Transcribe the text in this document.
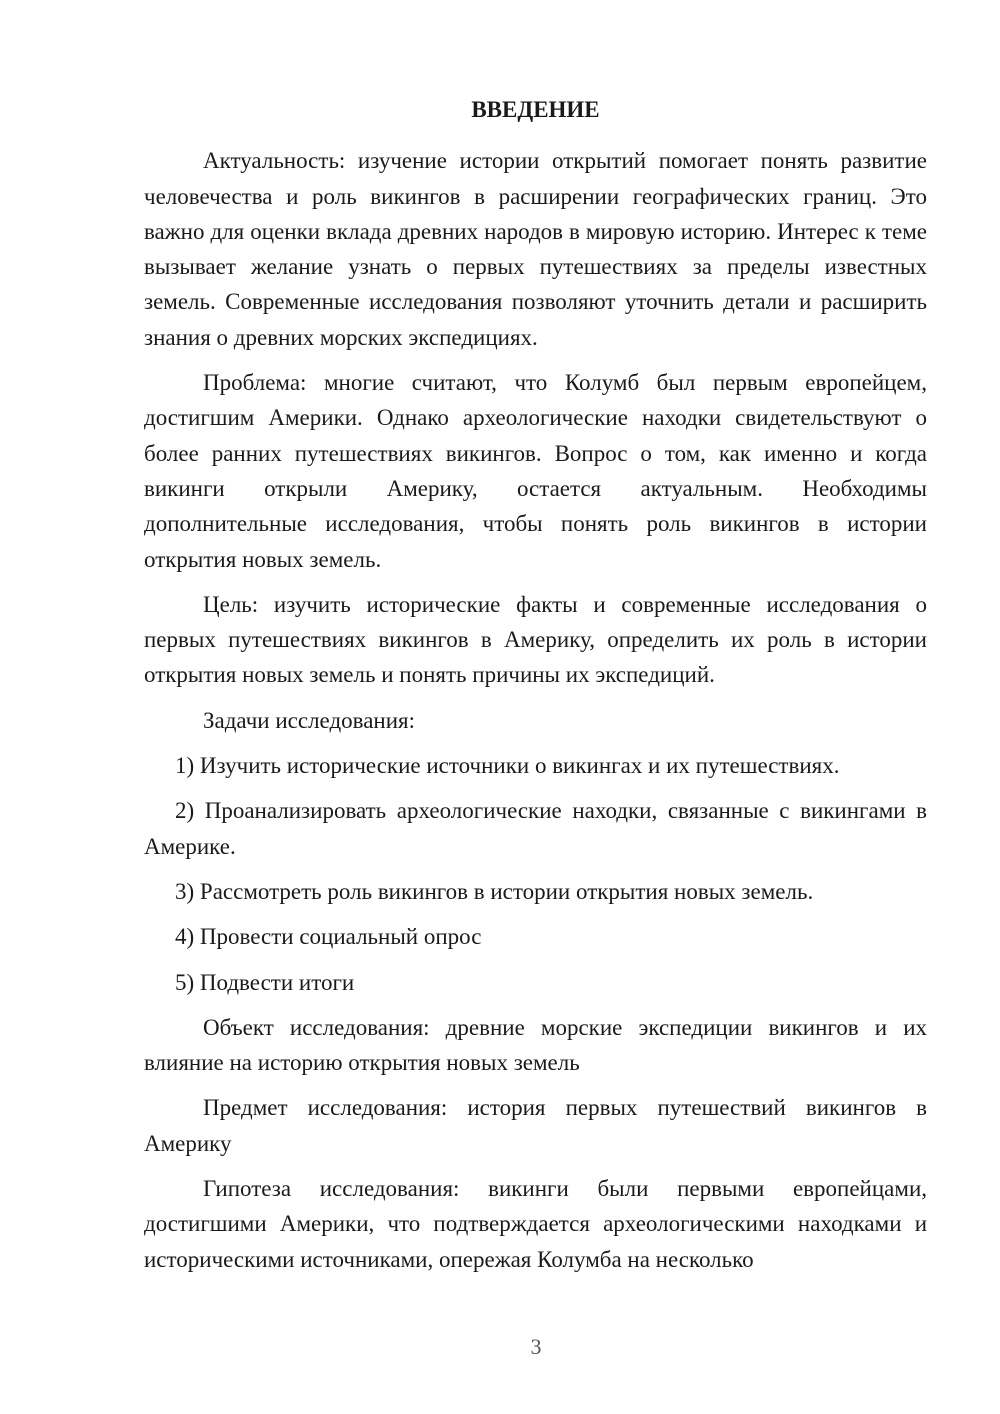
ВВЕДЕНИЕ

Актуальность: изучение истории открытий помогает понять развитие человечества и роль викингов в расширении географических границ. Это важно для оценки вклада древних народов в мировую историю. Интерес к теме вызывает желание узнать о первых путешествиях за пределы известных земель. Современные исследования позволяют уточнить детали и расширить знания о древних морских экспедициях.

Проблема: многие считают, что Колумб был первым европейцем, достигшим Америки. Однако археологические находки свидетельствуют о более ранних путешествиях викингов. Вопрос о том, как именно и когда викинги открыли Америку, остается актуальным. Необходимы дополнительные исследования, чтобы понять роль викингов в истории открытия новых земель.

Цель: изучить исторические факты и современные исследования о первых путешествиях викингов в Америку, определить их роль в истории открытия новых земель и понять причины их экспедиций.

Задачи исследования:

1) Изучить исторические источники о викингах и их путешествиях.

2) Проанализировать археологические находки, связанные с викингами в Америке.

3) Рассмотреть роль викингов в истории открытия новых земель.

4) Провести социальный опрос

5) Подвести итоги

Объект исследования: древние морские экспедиции викингов и их влияние на историю открытия новых земель

Предмет исследования: история первых путешествий викингов в Америку

Гипотеза исследования: викинги были первыми европейцами, достигшими Америки, что подтверждается археологическими находками и историческими источниками, опережая Колумба на несколько

3
